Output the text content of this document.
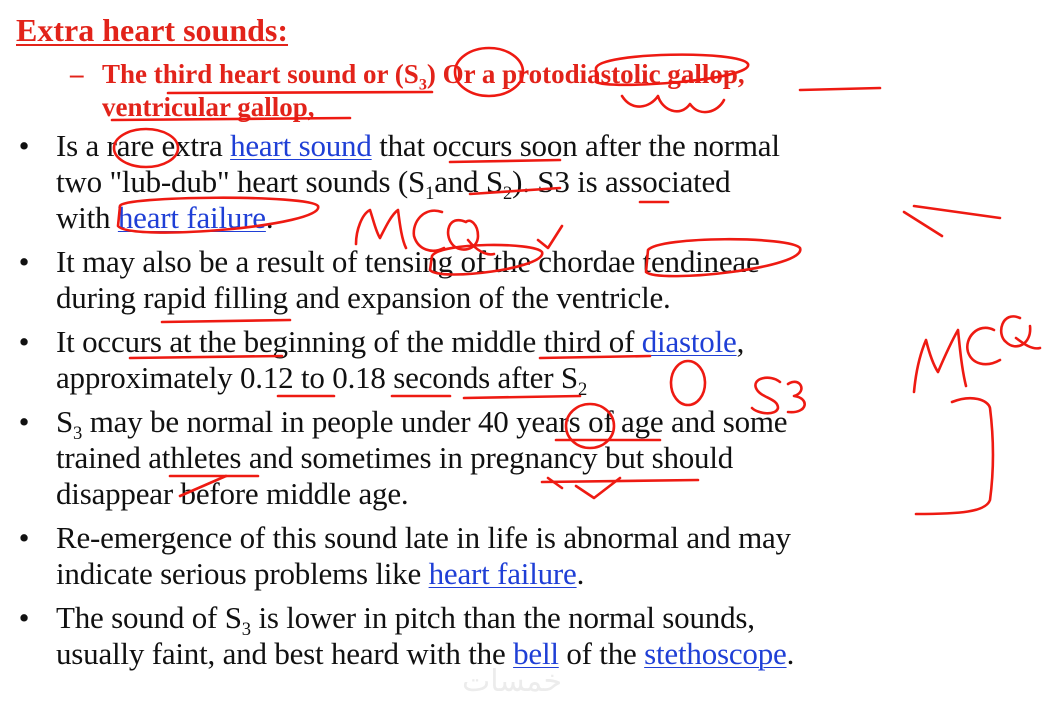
Extra heart sounds:
– The third heart sound or $(S_3)$ Or a protodiastolic gallop,
ventricular gallop,
• Is a rare extra heart sound that occurs soon after the normal
two "lub-dub" heart sounds ($S_1and$ $S_2$). S3 is associated
with heart failure.
• It may also be a result of tensing of the chordae tendineae
during rapid filling and expansion of the ventricle.
• It occurs at the beginning of the middle third of diastole,
approximately 0.12 to 0.18 seconds after $S_2$
• $S_3$ may be normal in people under 40 years of age and some
trained athletes and sometimes in pregnancy but should
disappear before middle age.
• Re-emergence of this sound late in life is abnormal and may
indicate serious problems like heart failure.
• The sound of $S_3$ is lower in pitch than the normal sounds,
usually faint, and best heard with the bell of the stethoscope.
خمسات
